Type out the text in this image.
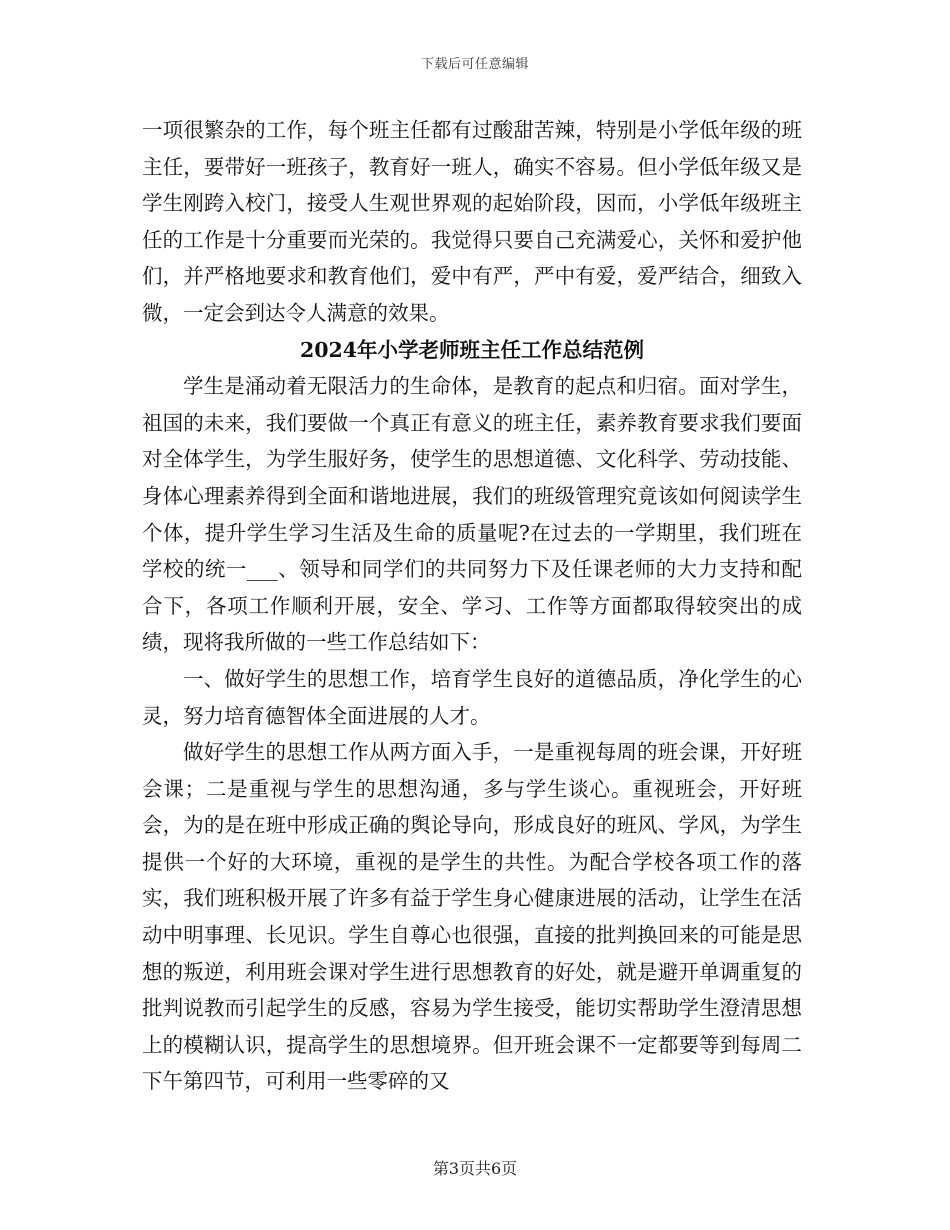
下载后可任意编辑

一项很繁杂的工作，每个班主任都有过酸甜苦辣，特别是小学低年级的班主任，要带好一班孩子，教育好一班人，确实不容易。但小学低年级又是学生刚跨入校门，接受人生观世界观的起始阶段，因而，小学低年级班主任的工作是十分重要而光荣的。我觉得只要自己充满爱心，关怀和爱护他们，并严格地要求和教育他们，爱中有严，严中有爱，爱严结合，细致入微，一定会到达令人满意的效果。

2024年小学老师班主任工作总结范例

学生是涌动着无限活力的生命体，是教育的起点和归宿。面对学生，祖国的未来，我们要做一个真正有意义的班主任，素养教育要求我们要面对全体学生，为学生服好务，使学生的思想道德、文化科学、劳动技能、身体心理素养得到全面和谐地进展，我们的班级管理究竟该如何阅读学生个体，提升学生学习生活及生命的质量呢?在过去的一学期里，我们班在学校的统一___、领导和同学们的共同努力下及任课老师的大力支持和配合下，各项工作顺利开展，安全、学习、工作等方面都取得较突出的成绩，现将我所做的一些工作总结如下：

一、做好学生的思想工作，培育学生良好的道德品质，净化学生的心灵，努力培育德智体全面进展的人才。

做好学生的思想工作从两方面入手，一是重视每周的班会课，开好班会课；二是重视与学生的思想沟通，多与学生谈心。重视班会，开好班会，为的是在班中形成正确的舆论导向，形成良好的班风、学风，为学生提供一个好的大环境，重视的是学生的共性。为配合学校各项工作的落实，我们班积极开展了许多有益于学生身心健康进展的活动，让学生在活动中明事理、长见识。学生自尊心也很强，直接的批判换回来的可能是思想的叛逆，利用班会课对学生进行思想教育的好处，就是避开单调重复的批判说教而引起学生的反感，容易为学生接受，能切实帮助学生澄清思想上的模糊认识，提高学生的思想境界。但开班会课不一定都要等到每周二下午第四节，可利用一些零碎的又

第3页共6页
